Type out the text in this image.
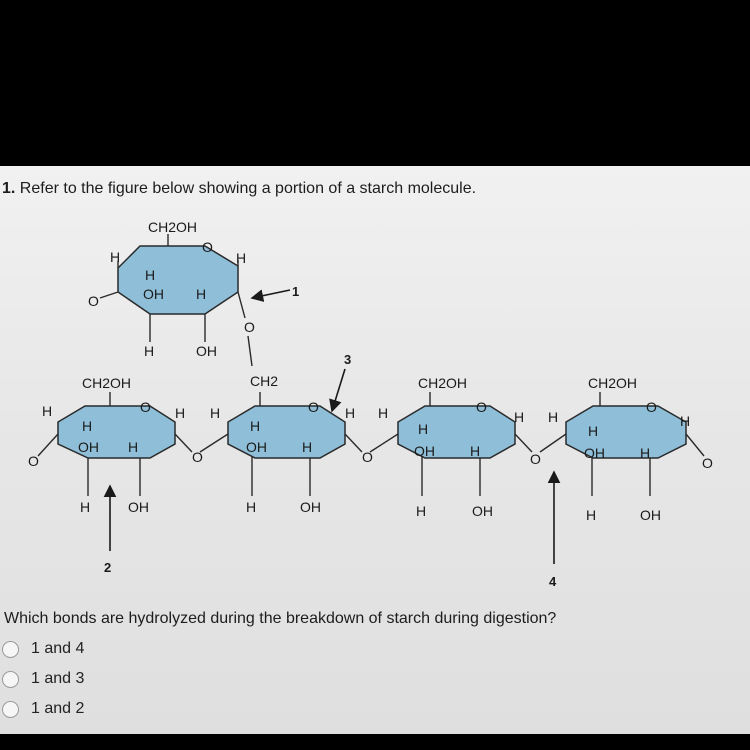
1. Refer to the figure below showing a portion of a starch molecule.
CH2OH
O
H	H
H
OH H
O
H	OH
O
CH2OH
O
H
H
OH H
O
H	OH
H
O
CH2
O
H
H
OH	H
H	OH
H
O
CH2OH
O
H
H
OH	H
H	OH
H
O
CH2OH
O
H
H
OH	H
H	OH
H
O
1
3
2
4
Which bonds are hydrolyzed during the breakdown of starch during digestion?
1 and 4
1 and 3
1 and 2
